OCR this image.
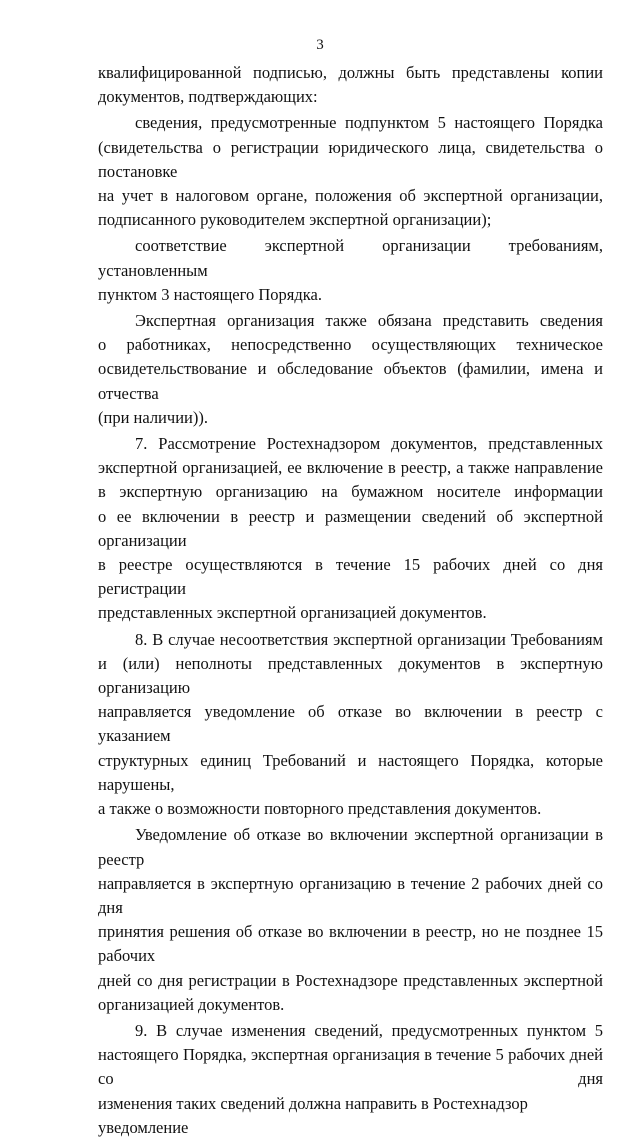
3
квалифицированной подписью, должны быть представлены копии
документов, подтверждающих:
сведения, предусмотренные подпунктом 5 настоящего Порядка
(свидетельства о регистрации юридического лица, свидетельства о постановке
на учет в налоговом органе, положения об экспертной организации,
подписанного руководителем экспертной организации);
соответствие экспертной организации требованиям, установленным
пунктом 3 настоящего Порядка.
Экспертная организация также обязана представить сведения
о работниках, непосредственно осуществляющих техническое
освидетельствование и обследование объектов (фамилии, имена и отчества
(при наличии)).
7. Рассмотрение Ростехнадзором документов, представленных
экспертной организацией, ее включение в реестр, а также направление
в экспертную организацию на бумажном носителе информации
о ее включении в реестр и размещении сведений об экспертной организации
в реестре осуществляются в течение 15 рабочих дней со дня регистрации
представленных экспертной организацией документов.
8. В случае несоответствия экспертной организации Требованиям
и (или) неполноты представленных документов в экспертную организацию
направляется уведомление об отказе во включении в реестр с указанием
структурных единиц Требований и настоящего Порядка, которые нарушены,
а также о возможности повторного представления документов.
Уведомление об отказе во включении экспертной организации в реестр
направляется в экспертную организацию в течение 2 рабочих дней со дня
принятия решения об отказе во включении в реестр, но не позднее 15 рабочих
дней со дня регистрации в Ростехнадзоре представленных экспертной
организацией документов.
9. В случае изменения сведений, предусмотренных пунктом 5
настоящего Порядка, экспертная организация в течение 5 рабочих дней со дня
изменения таких сведений должна направить в Ростехнадзор уведомление
